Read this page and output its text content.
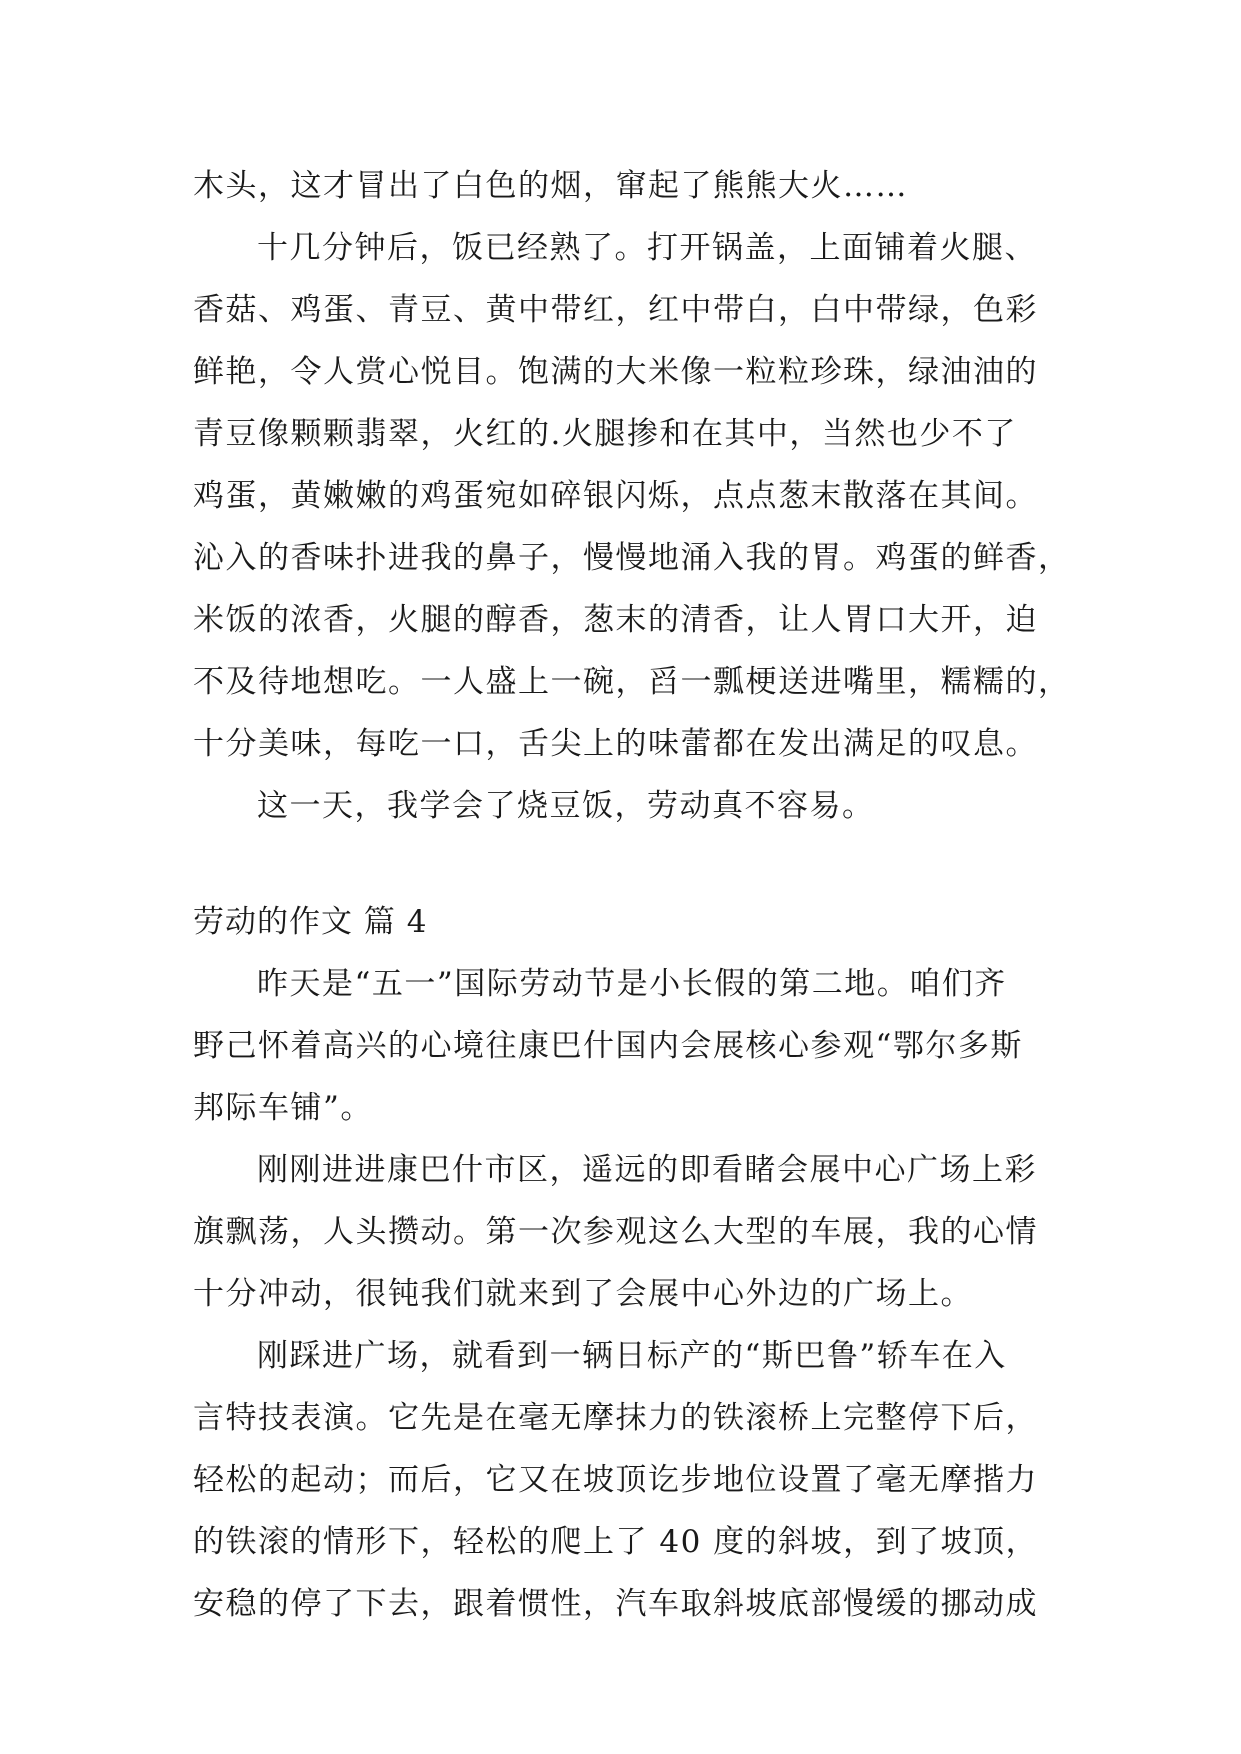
木头，这才冒出了白色的烟，窜起了熊熊大火……
十几分钟后，饭已经熟了。打开锅盖，上面铺着火腿、
香菇、鸡蛋、青豆、黄中带红，红中带白，白中带绿，色彩
鲜艳，令人赏心悦目。饱满的大米像一粒粒珍珠，绿油油的
青豆像颗颗翡翠，火红的.火腿掺和在其中，当然也少不了
鸡蛋，黄嫩嫩的鸡蛋宛如碎银闪烁，点点葱末散落在其间。
沁入的香味扑进我的鼻子，慢慢地涌入我的胃。鸡蛋的鲜香，
米饭的浓香，火腿的醇香，葱末的清香，让人胃口大开，迫
不及待地想吃。一人盛上一碗，舀一瓢梗送进嘴里，糯糯的，
十分美味，每吃一口，舌尖上的味蕾都在发出满足的叹息。
这一天，我学会了烧豆饭，劳动真不容易。
劳动的作文 篇 4
昨天是“五一”国际劳动节是小长假的第二地。咱们齐
野己怀着高兴的心境往康巴什国内会展核心参观“鄂尔多斯
邦际车铺”。
刚刚进进康巴什市区，遥远的即看睹会展中心广场上彩
旗飘荡，人头攒动。第一次参观这么大型的车展，我的心情
十分冲动，很钝我们就来到了会展中心外边的广场上。
刚踩进广场，就看到一辆日标产的“斯巴鲁”轿车在入
言特技表演。它先是在毫无摩抹力的铁滚桥上完整停下后，
轻松的起动；而后，它又在坡顶讫步地位设置了毫无摩揩力
的铁滚的情形下，轻松的爬上了 40 度的斜坡，到了坡顶，
安稳的停了下去，跟着惯性，汽车取斜坡底部慢缓的挪动成
